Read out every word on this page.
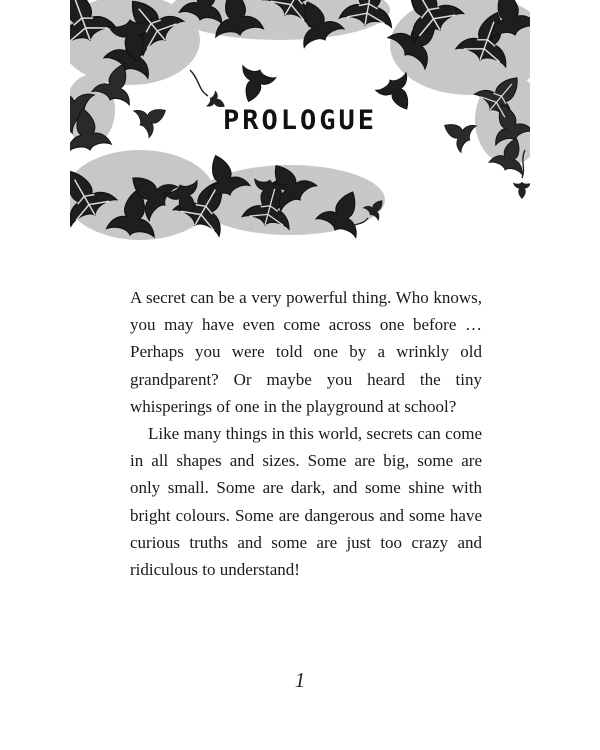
PROLOGUE

A secret can be a very powerful thing. Who knows, you may have even come across one before … Perhaps you were told one by a wrinkly old grandparent? Or maybe you heard the tiny whisperings of one in the playground at school?

Like many things in this world, secrets can come in all shapes and sizes. Some are big, some are only small. Some are dark, and some shine with bright colours. Some are dangerous and some have curious truths and some are just too crazy and ridiculous to understand!

1
